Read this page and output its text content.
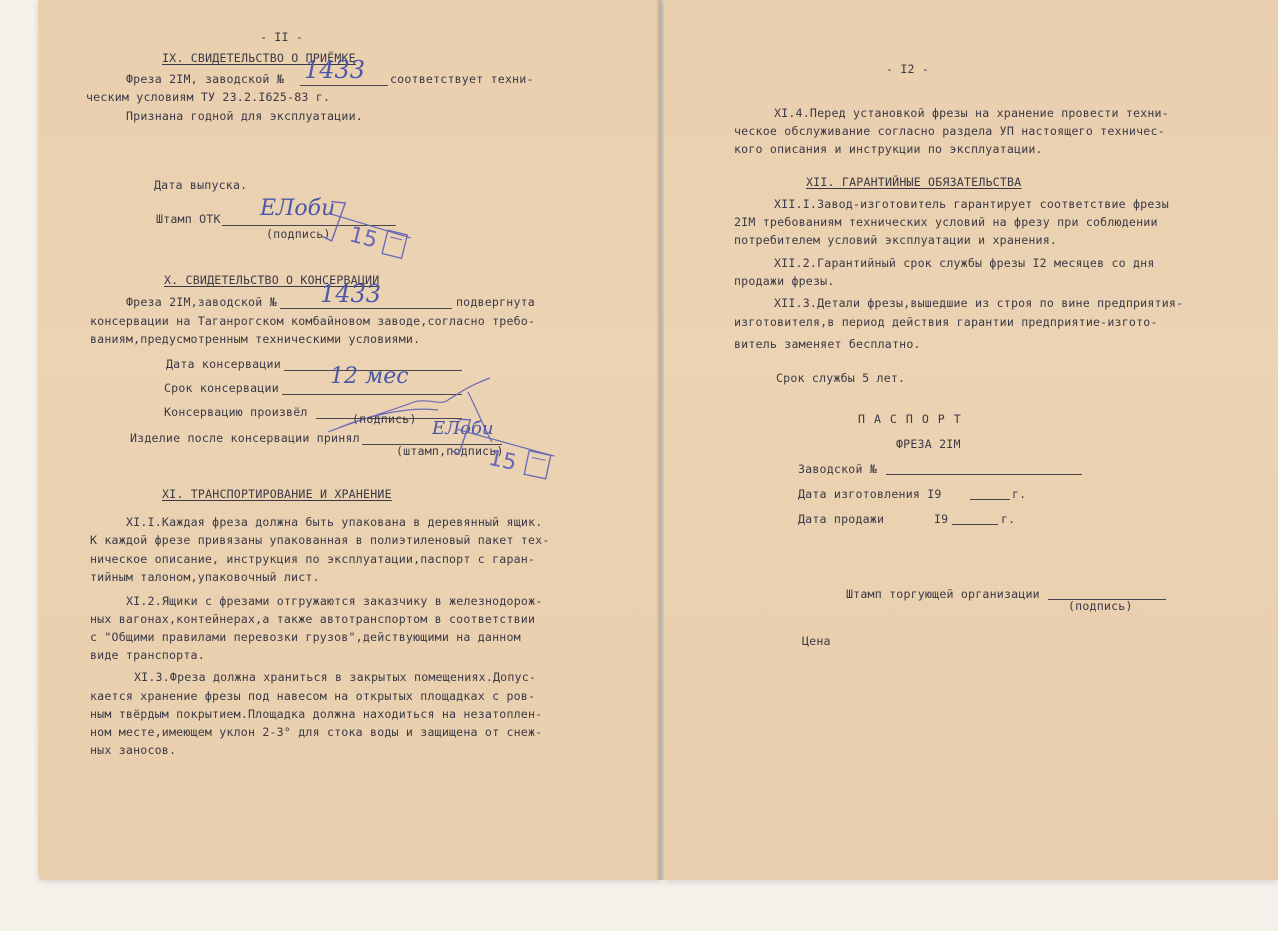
- II -
IX. СВИДЕТЕЛЬСТВО О ПРИЁМКЕ
Фреза 2IM, заводской № 1433 соответствует техни-
ческим условиям ТУ 23.2.I625-83 г.
Признана годной для эксплуатации.
Дата выпуска.
Штамп ОТК ЕЛоби
(подпись) 15
X. СВИДЕТЕЛЬСТВО О КОНСЕРВАЦИИ
Фреза 2IM,заводской № 1433	подвергнута
консервации на Таганрогском комбайновом заводе,согласно требо-
ваниям,предусмотренным техническими условиями.
Дата консервации
Срок консервации 12 мес
Консервацию произвёл	(подпись)
Изделие после консервации принял	ЕЛоби
(штамп,подпись)
15
XI. ТРАНСПОРТИРОВАНИЕ И ХРАНЕНИЕ
XI.I.Каждая фреза должна быть упакована в деревянный ящик.
К каждой фрезе привязаны упакованная в полиэтиленовый пакет тех-
ническое описание, инструкция по эксплуатации,паспорт с гаран-
тийным талоном,упаковочный лист.
XI.2.Ящики с фрезами отгружаются заказчику в железнодорож-
ных вагонах,контейнерах,а также автотранспортом в соответствии
с "Общими правилами перевозки грузов",действующими на данном
виде транспорта.
XI.3.Фреза должна храниться в закрытых помещениях.Допус-
кается хранение фрезы под навесом на открытых площадках с ров-
ным твёрдым покрытием.Площадка должна находиться на незатоплен-
ном месте,имеющем уклон 2-3° для стока воды и защищена от снеж-
ных заносов.
- I2 -
XI.4.Перед установкой фрезы на хранение провести техни-
ческое обслуживание согласно раздела УП настоящего техничес-
кого описания и инструкции по эксплуатации.
XII. ГАРАНТИЙНЫЕ ОБЯЗАТЕЛЬСТВА
XII.I.Завод-изготовитель гарантирует соответствие фрезы
2IM требованиям технических условий на фрезу при соблюдении
потребителем условий эксплуатации и хранения.
XII.2.Гарантийный срок службы фрезы I2 месяцев со дня
продажи фрезы.
XII.3.Детали фрезы,вышедшие из строя по вине предприятия-
изготовителя,в период действия гарантии предприятие-изгото-
витель заменяет бесплатно.
Срок службы 5 лет.
П А С П О Р Т
ФРЕЗА 2IM
Заводской №
Дата изготовления I9	г.
Дата продажи	I9	г.
Штамп торгующей организации
(подпись)
Цена
